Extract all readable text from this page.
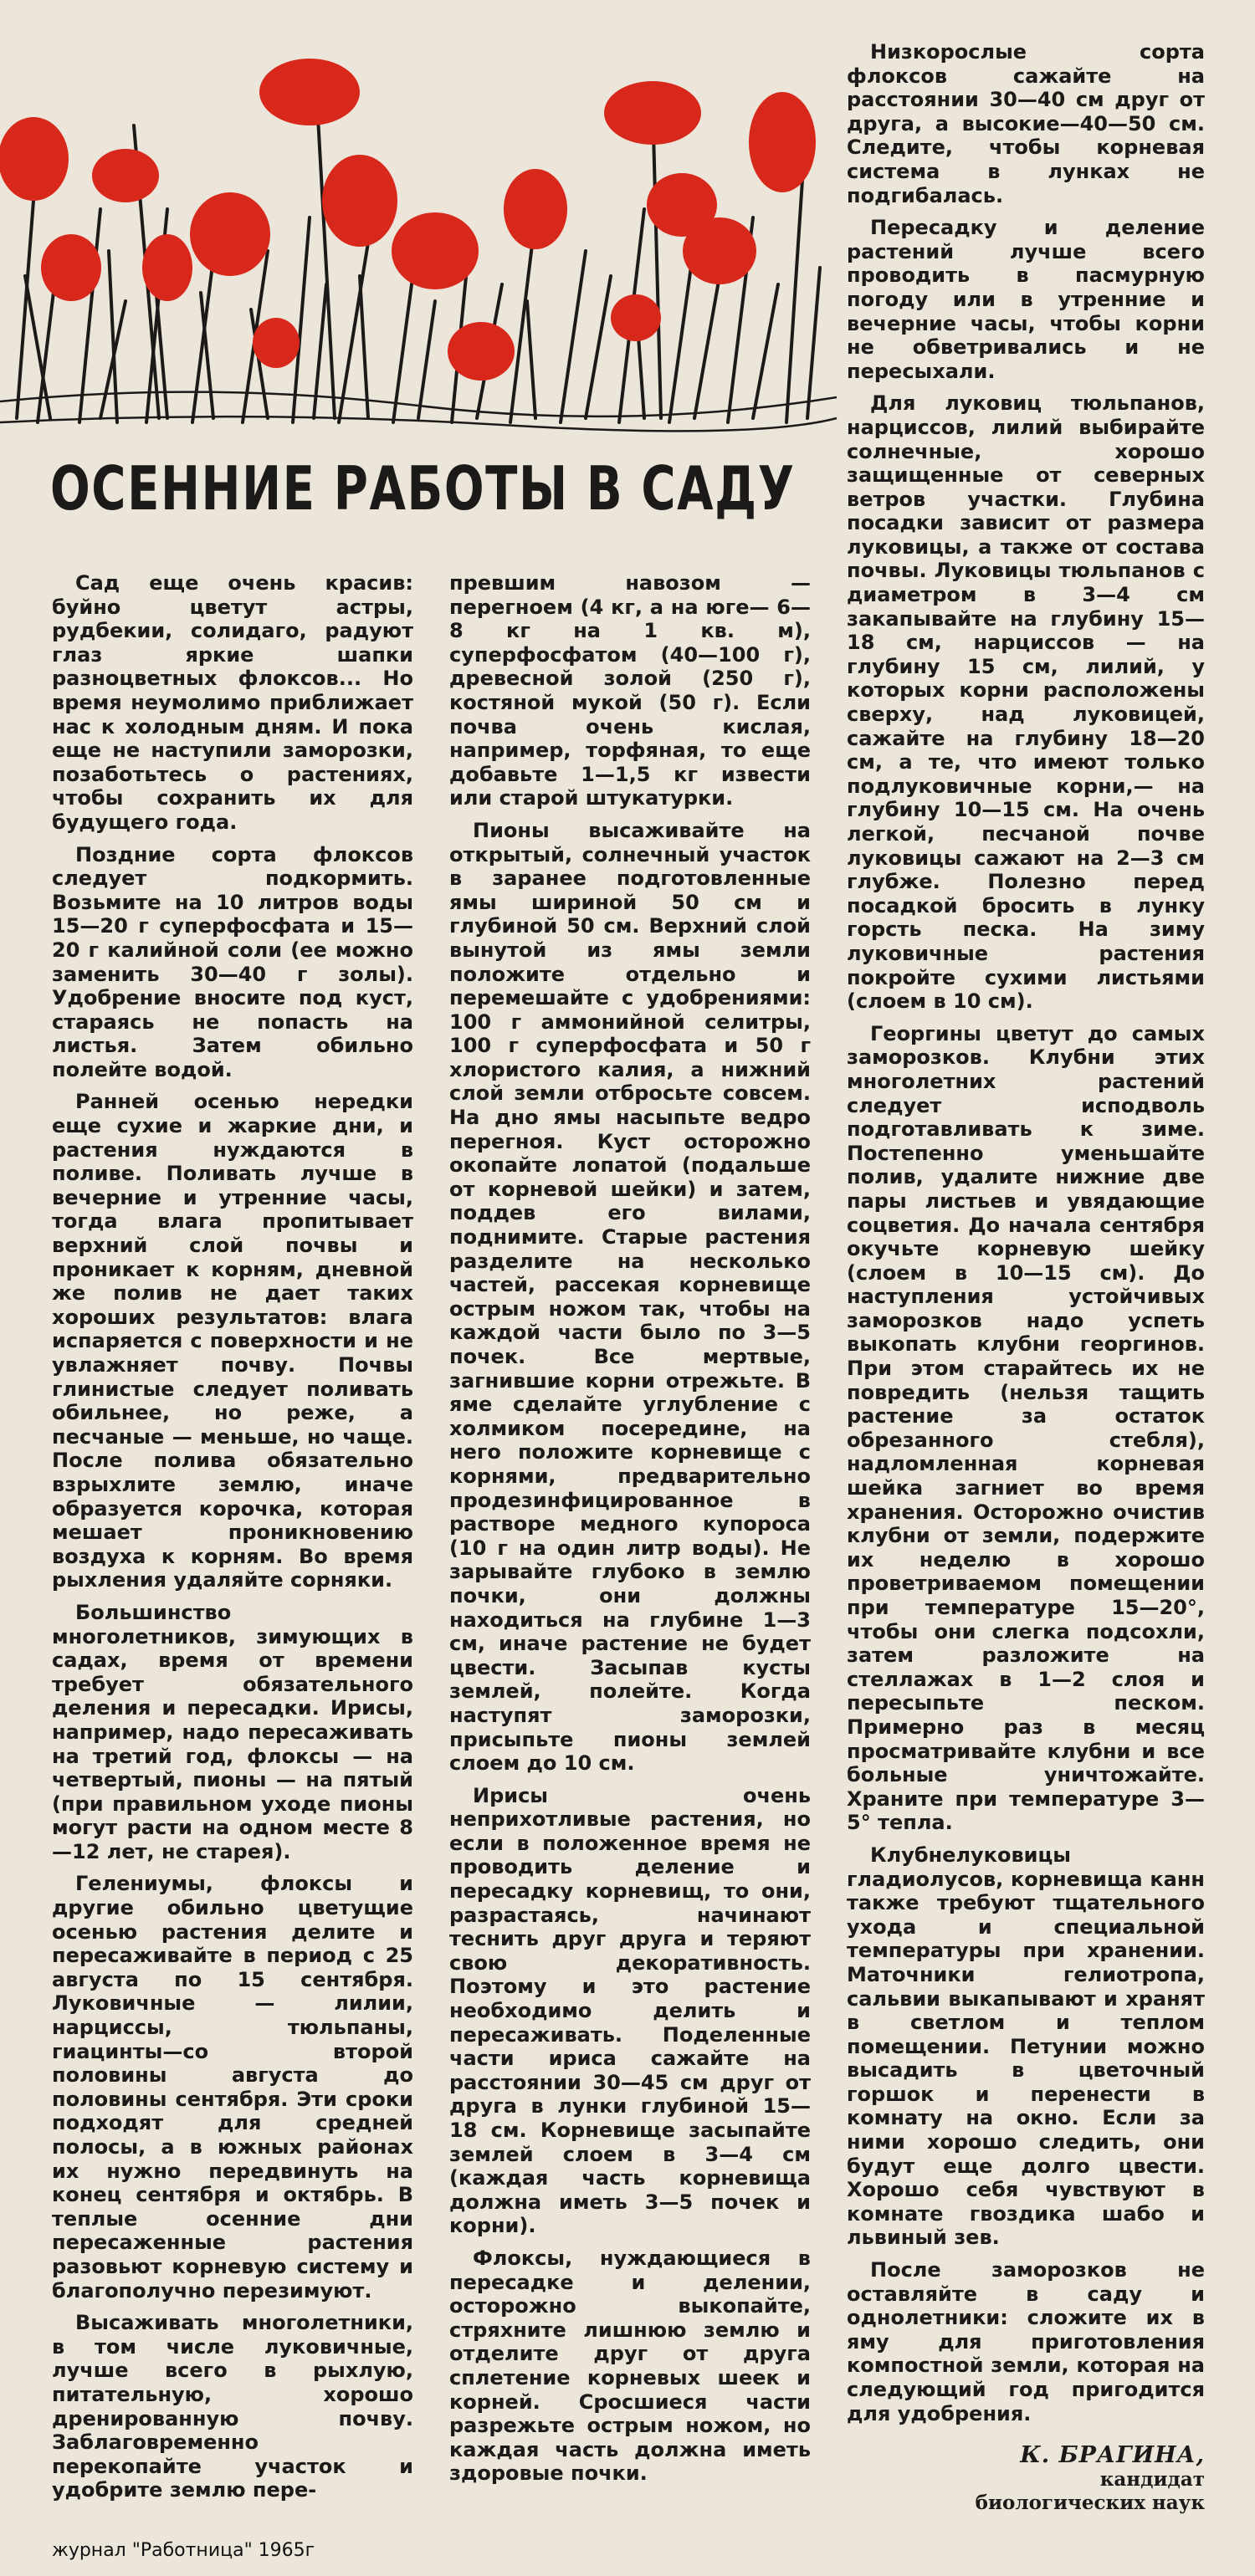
ОСЕННИЕ РАБОТЫ В САДУ

Сад еще очень красив: буйно цветут астры, рудбекии, солидаго, радуют глаз яркие шапки разноцветных флоксов... Но время неумолимо приближает нас к холодным дням. И пока еще не наступили заморозки, позаботьтесь о растениях, чтобы сохранить их для будущего года.

Поздние сорта флоксов следует подкормить. Возьмите на 10 литров воды 15—20 г суперфосфата и 15—20 г калийной соли (ее можно заменить 30—40 г золы). Удобрение вносите под куст, стараясь не попасть на листья. Затем обильно полейте водой.

Ранней осенью нередки еще сухие и жаркие дни, и растения нуждаются в поливе. Поливать лучше в вечерние и утренние часы, тогда влага пропитывает верхний слой почвы и проникает к корням, дневной же полив не дает таких хороших результатов: влага испаряется с поверхности и не увлажняет почву. Почвы глинистые следует поливать обильнее, но реже, а песчаные — меньше, но чаще. После полива обязательно взрыхлите землю, иначе образуется корочка, которая мешает проникновению воздуха к корням. Во время рыхления удаляйте сорняки.

Большинство многолетников, зимующих в садах, время от времени требует обязательного деления и пересадки. Ирисы, например, надо пересаживать на третий год, флоксы — на четвертый, пионы — на пятый (при правильном уходе пионы могут расти на одном месте 8—12 лет, не старея).

Гелениумы, флоксы и другие обильно цветущие осенью растения делите и пересаживайте в период с 25 августа по 15 сентября. Луковичные — лилии, нарциссы, тюльпаны, гиацинты—со второй половины августа до половины сентября. Эти сроки подходят для средней полосы, а в южных районах их нужно передвинуть на конец сентября и октябрь. В теплые осенние дни пересаженные растения разовьют корневую систему и благополучно перезимуют.

Высаживать многолетники, в том числе луковичные, лучше всего в рыхлую, питательную, хорошо дренированную почву. Заблаговременно перекопайте участок и удобрите землю пере-

превшим навозом — перегноем (4 кг, а на юге— 6—8 кг на 1 кв. м), суперфосфатом (40—100 г), древесной золой (250 г), костяной мукой (50 г). Если почва очень кислая, например, торфяная, то еще добавьте 1—1,5 кг извести или старой штукатурки.

Пионы высаживайте на открытый, солнечный участок в заранее подготовленные ямы шириной 50 см и глубиной 50 см. Верхний слой вынутой из ямы земли положите отдельно и перемешайте с удобрениями: 100 г аммонийной селитры, 100 г суперфосфата и 50 г хлористого калия, а нижний слой земли отбросьте совсем. На дно ямы насыпьте ведро перегноя. Куст осторожно окопайте лопатой (подальше от корневой шейки) и затем, поддев его вилами, поднимите. Старые растения разделите на несколько частей, рассекая корневище острым ножом так, чтобы на каждой части было по 3—5 почек. Все мертвые, загнившие корни отрежьте. В яме сделайте углубление с холмиком посередине, на него положите корневище с корнями, предварительно продезинфицированное в растворе медного купороса (10 г на один литр воды). Не зарывайте глубоко в землю почки, они должны находиться на глубине 1—3 см, иначе растение не будет цвести. Засыпав кусты землей, полейте. Когда наступят заморозки, присыпьте пионы землей слоем до 10 см.

Ирисы очень неприхотливые растения, но если в положенное время не проводить деление и пересадку корневищ, то они, разрастаясь, начинают теснить друг друга и теряют свою декоративность. Поэтому и это растение необходимо делить и пересаживать. Поделенные части ириса сажайте на расстоянии 30—45 см друг от друга в лунки глубиной 15—18 см. Корневище засыпайте землей слоем в 3—4 см (каждая часть корневища должна иметь 3—5 почек и корни).

Флоксы, нуждающиеся в пересадке и делении, осторожно выкопайте, стряхните лишнюю землю и отделите друг от друга сплетение корневых шеек и корней. Сросшиеся части разрежьте острым ножом, но каждая часть должна иметь здоровые почки.

Низкорослые сорта флоксов сажайте на расстоянии 30—40 см друг от друга, а высокие—40—50 см. Следите, чтобы корневая система в лунках не подгибалась.

Пересадку и деление растений лучше всего проводить в пасмурную погоду или в утренние и вечерние часы, чтобы корни не обветривались и не пересыхали.

Для луковиц тюльпанов, нарциссов, лилий выбирайте солнечные, хорошо защищенные от северных ветров участки. Глубина посадки зависит от размера луковицы, а также от состава почвы. Луковицы тюльпанов с диаметром в 3—4 см закапывайте на глубину 15—18 см, нарциссов — на глубину 15 см, лилий, у которых корни расположены сверху, над луковицей, сажайте на глубину 18—20 см, а те, что имеют только подлуковичные корни,— на глубину 10—15 см. На очень легкой, песчаной почве луковицы сажают на 2—3 см глубже. Полезно перед посадкой бросить в лунку горсть песка. На зиму луковичные растения покройте сухими листьями (слоем в 10 см).

Георгины цветут до самых заморозков. Клубни этих многолетних растений следует исподволь подготавливать к зиме. Постепенно уменьшайте полив, удалите нижние две пары листьев и увядающие соцветия. До начала сентября окучьте корневую шейку (слоем в 10—15 см). До наступления устойчивых заморозков надо успеть выкопать клубни георгинов. При этом старайтесь их не повредить (нельзя тащить растение за остаток обрезанного стебля), надломленная корневая шейка загниет во время хранения. Осторожно очистив клубни от земли, подержите их неделю в хорошо проветриваемом помещении при температуре 15—20°, чтобы они слегка подсохли, затем разложите на стеллажах в 1—2 слоя и пересыпьте песком. Примерно раз в месяц просматривайте клубни и все больные уничтожайте. Храните при температуре 3—5° тепла.

Клубнелуковицы гладиолусов, корневища канн также требуют тщательного ухода и специальной температуры при хранении. Маточники гелиотропа, сальвии выкапывают и хранят в светлом и теплом помещении. Петунии можно высадить в цветочный горшок и перенести в комнату на окно. Если за ними хорошо следить, они будут еще долго цвести. Хорошо себя чувствуют в комнате гвоздика шабо и львиный зев.

После заморозков не оставляйте в саду и однолетники: сложите их в яму для приготовления компостной земли, которая на следующий год пригодится для удобрения.

К. БРАГИНА,
кандидат
биологических наук
журнал "Работница" 1965г
